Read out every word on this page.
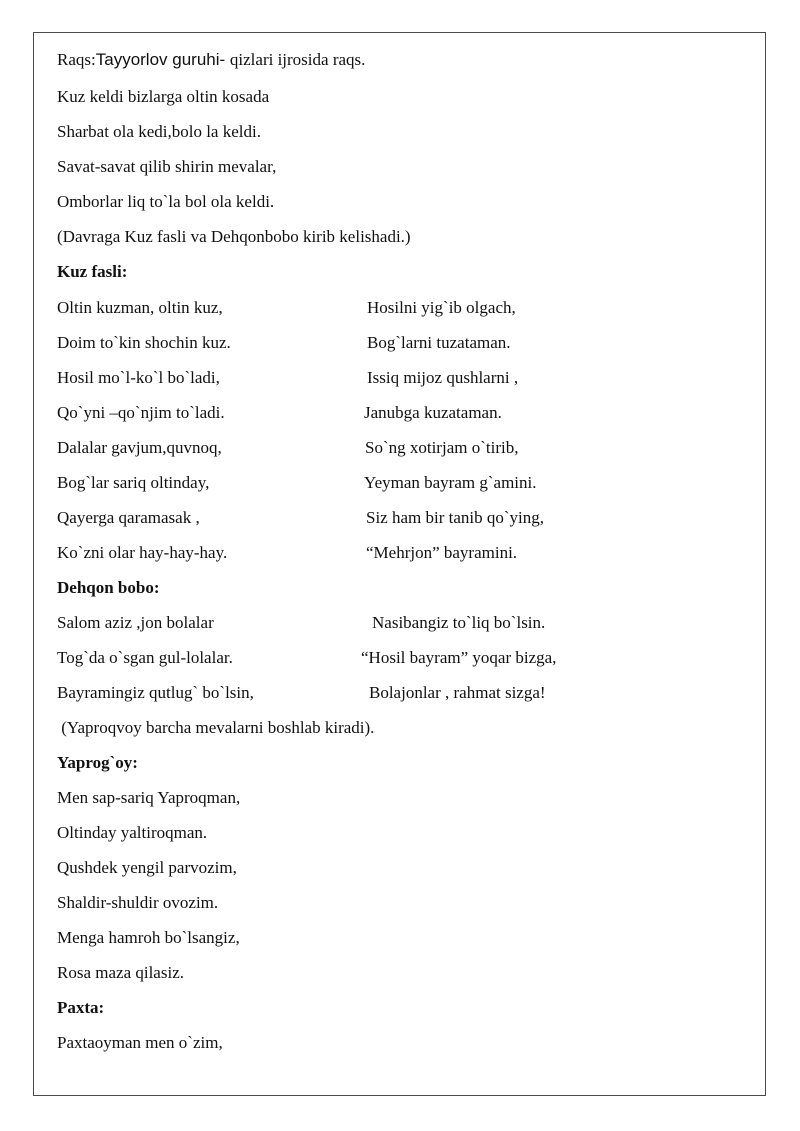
Raqs:Tayyorlov guruhi- qizlari ijrosida raqs.
Kuz keldi bizlarga oltin kosada
Sharbat ola kedi,bolo la keldi.
Savat-savat qilib shirin mevalar,
Omborlar liq to`la bol ola keldi.
(Davraga Kuz fasli va Dehqonbobo kirib kelishadi.)
Kuz fasli:
Oltin kuzman, oltin kuz,	Hosilni yig`ib olgach,
Doim to`kin shochin kuz.	Bog`larni tuzataman.
Hosil mo`l-ko`l bo`ladi,	Issiq mijoz qushlarni ,
Qo`yni –qo`njim to`ladi.	Janubga kuzataman.
Dalalar gavjum,quvnoq,	So`ng xotirjam o`tirib,
Bog`lar sariq oltinday,	Yeyman bayram g`amini.
Qayerga qaramasak ,	Siz ham bir tanib qo`ying,
Ko`zni olar hay-hay-hay.	“Mehrjon” bayramini.
Dehqon bobo:
Salom aziz ,jon bolalar	Nasibangiz to`liq bo`lsin.
Tog`da o`sgan gul-lolalar.	“Hosil bayram” yoqar bizga,
Bayramingiz qutlug` bo`lsin,	Bolajonlar , rahmat sizga!
(Yaproqvoy barcha mevalarni boshlab kiradi).
Yaprog`oy:
Men sap-sariq Yaproqman,
Oltinday yaltiroqman.
Qushdek yengil parvozim,
Shaldir-shuldir ovozim.
Menga hamroh bo`lsangiz,
Rosa maza qilasiz.
Paxta:
Paxtaoyman men o`zim,
